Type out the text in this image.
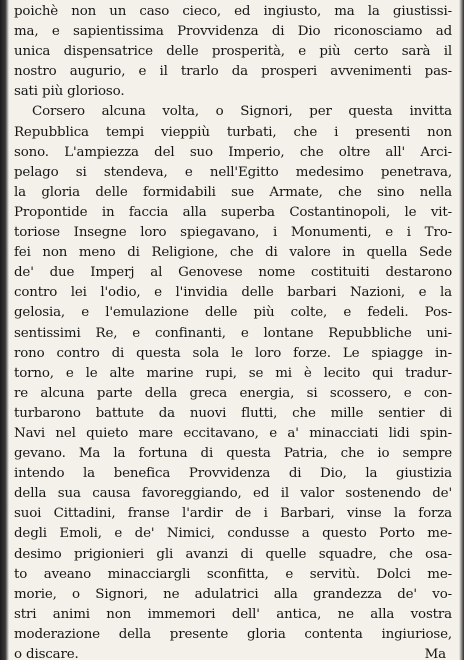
poichè non un caso cieco, ed ingiusto, ma la giustissi-
ma, e sapientissima Provvidenza di Dio riconosciamo ad
unica dispensatrice delle prosperità, e più certo sarà il
nostro augurio, e il trarlo da prosperi avvenimenti pas-
sati più glorioso.
Corsero alcuna volta, o Signori, per questa invitta
Repubblica tempi vieppiù turbati, che i presenti non
sono. L'ampiezza del suo Imperio, che oltre all' Arci-
pelago si stendeva, e nell'Egitto medesimo penetrava,
la gloria delle formidabili sue Armate, che sino nella
Propontide in faccia alla superba Costantinopoli, le vit-
toriose Insegne loro spiegavano, i Monumenti, e i Tro-
fei non meno di Religione, che di valore in quella Sede
de' due Imperj al Genovese nome costituiti destarono
contro lei l'odio, e l'invidia delle barbari Nazioni, e la
gelosia, e l'emulazione delle più colte, e fedeli. Pos-
sentissimi Re, e confinanti, e lontane Repubbliche uni-
rono contro di questa sola le loro forze. Le spiagge in-
torno, e le alte marine rupi, se mi è lecito qui tradur-
re alcuna parte della greca energia, si scossero, e con-
turbarono battute da nuovi flutti, che mille sentier di
Navi nel quieto mare eccitavano, e a' minacciati lidi spin-
gevano. Ma la fortuna di questa Patria, che io sempre
intendo la benefica Provvidenza di Dio, la giustizia
della sua causa favoreggiando, ed il valor sostenendo de'
suoi Cittadini, franse l'ardir de i Barbari, vinse la forza
degli Emoli, e de' Nimici, condusse a questo Porto me-
desimo prigionieri gli avanzi di quelle squadre, che osa-
to aveano minacciargli sconfitta, e servitù. Dolci me-
morie, o Signori, ne adulatrici alla grandezza de' vo-
stri animi non immemori dell' antica, ne alla vostra
moderazione della presente gloria contenta ingiuriose,
o discare.	Ma
